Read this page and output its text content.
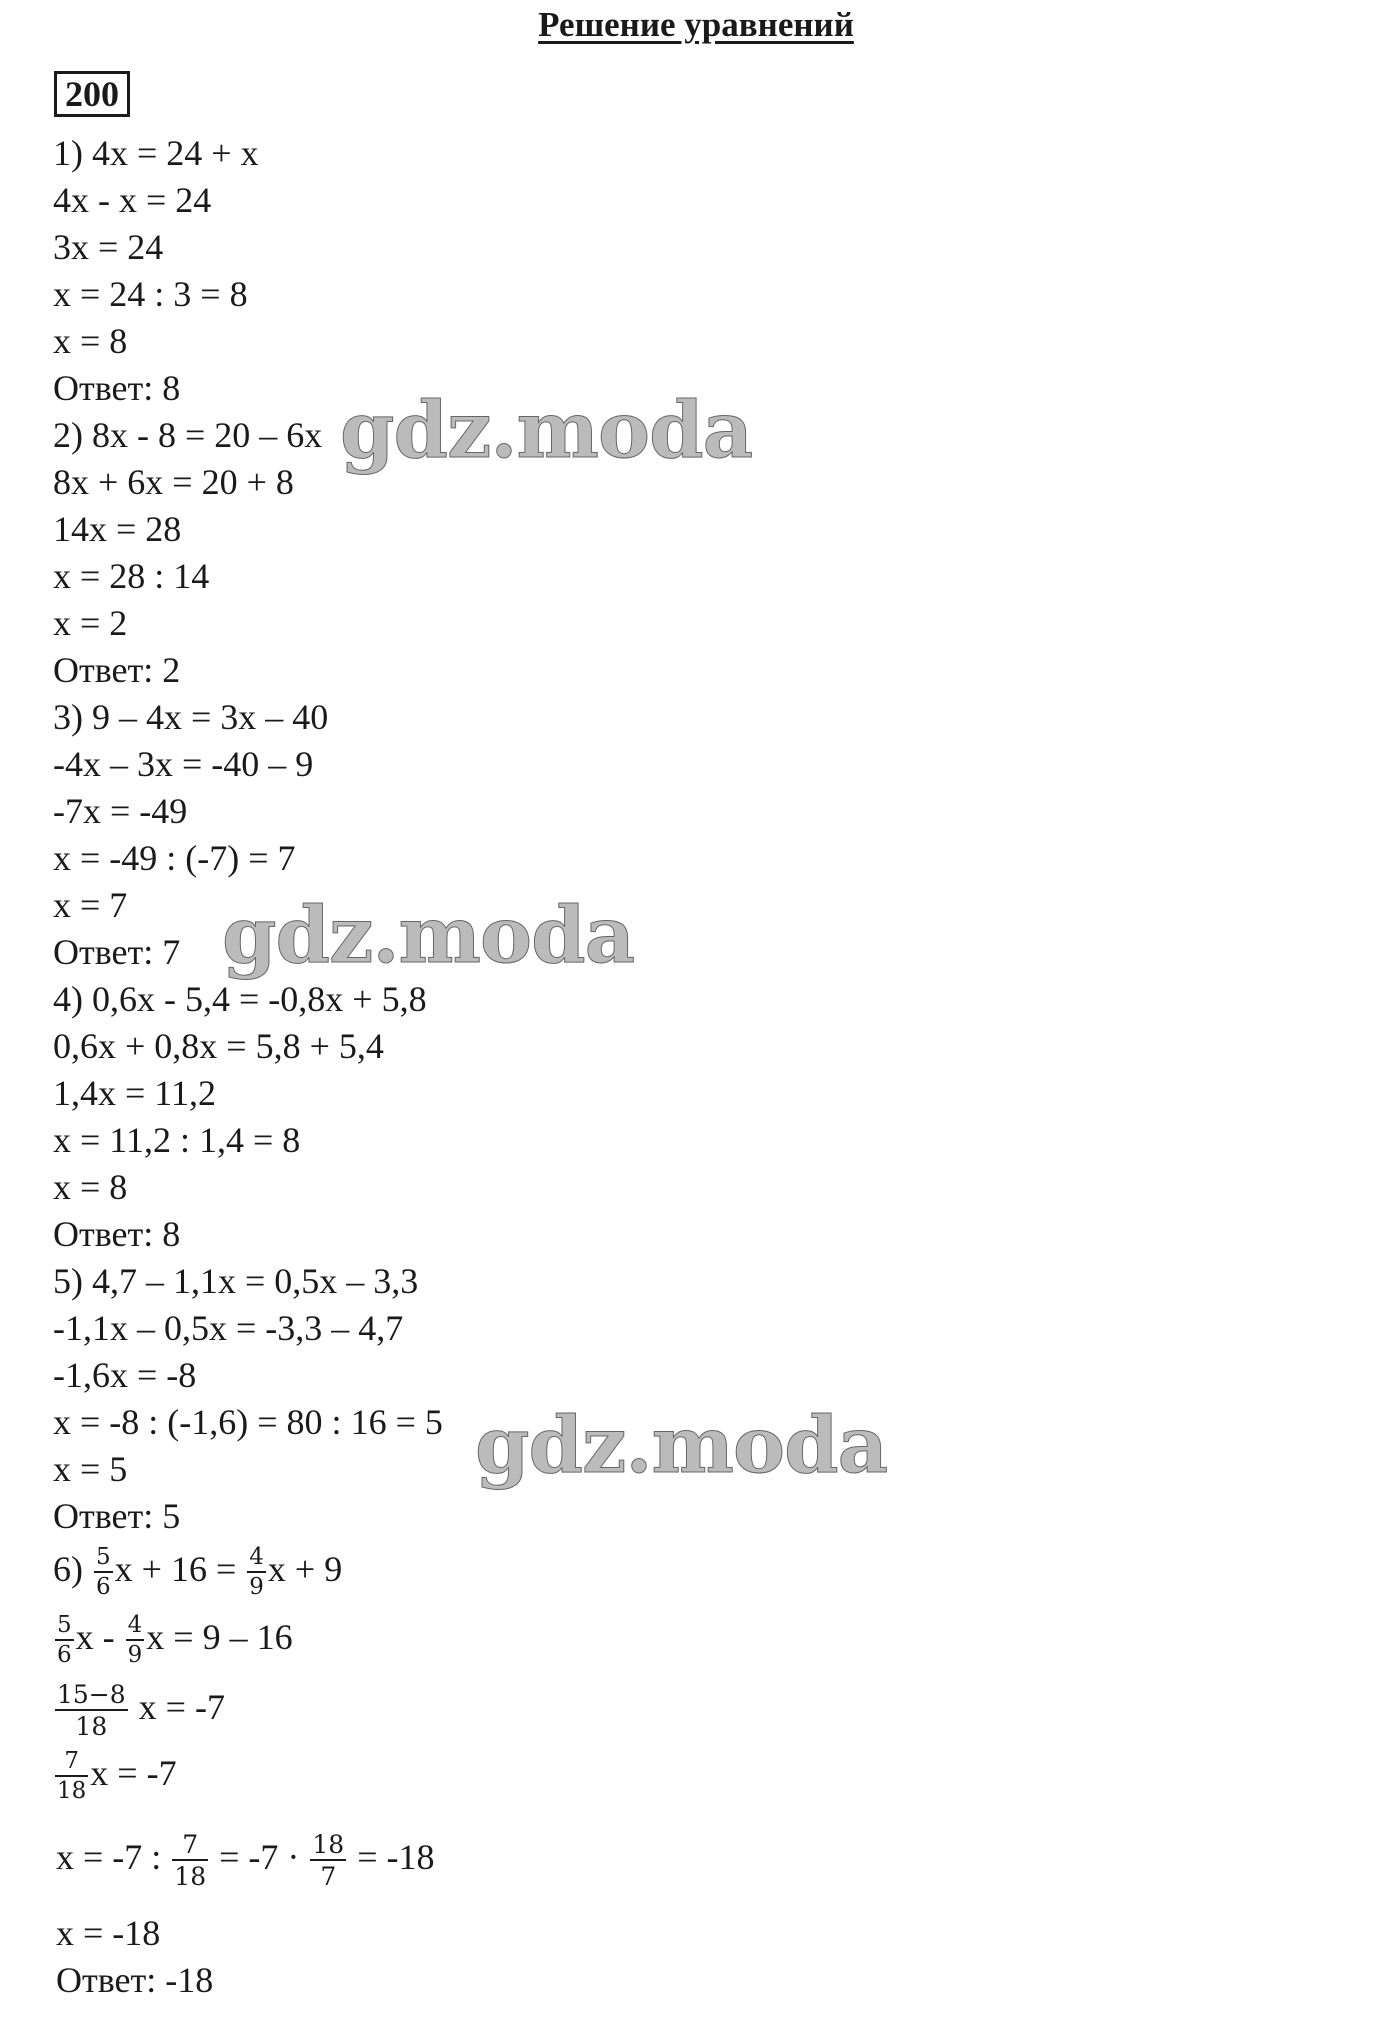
Решение уравнений
200
1) 4x = 24 + x
4x - x = 24
3x = 24
x = 24 : 3 = 8
x = 8
Ответ: 8
2) 8x - 8 = 20 – 6x
8x + 6x = 20 + 8
14x = 28
x = 28 : 14
x = 2
Ответ: 2
3) 9 – 4x = 3x – 40
-4x – 3x = -40 – 9
-7x = -49
x = -49 : (-7) = 7
x = 7
Ответ: 7
4) 0,6x - 5,4 = -0,8x + 5,8
0,6x + 0,8x = 5,8 + 5,4
1,4x = 11,2
x = 11,2 : 1,4 = 8
x = 8
Ответ: 8
5) 4,7 – 1,1x = 0,5x – 3,3
-1,1x – 0,5x = -3,3 – 4,7
-1,6x = -8
x = -8 : (-1,6) = 80 : 16 = 5
x = 5
Ответ: 5
$6) \frac{5}{6}$ $x + 16 = \frac{4}{9}$ x + 9
$\frac{5}{6}$ x - $\frac{4}{9}$ x = 9 – 16
$\frac{15-8}{18}$ x = -7
$\frac{7}{18}$ x = -7
x = -7 : $\frac{7}{18} = -7 \cdot \frac{18}{7} = -18$
x = -18
Ответ: -18
gdz.moda
gdz.moda
gdz.moda
